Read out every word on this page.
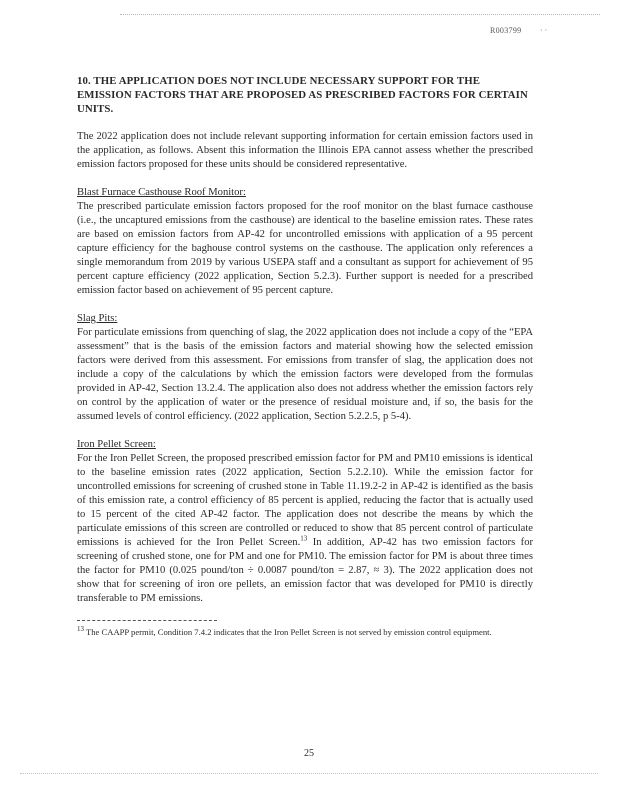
R003799 · ·
10. THE APPLICATION DOES NOT INCLUDE NECESSARY SUPPORT FOR THE EMISSION FACTORS THAT ARE PROPOSED AS PRESCRIBED FACTORS FOR CERTAIN UNITS.

The 2022 application does not include relevant supporting information for certain emission factors used in the application, as follows. Absent this information the Illinois EPA cannot assess whether the prescribed emission factors proposed for these units should be considered representative.

Blast Furnace Casthouse Roof Monitor:
The prescribed particulate emission factors proposed for the roof monitor on the blast furnace casthouse (i.e., the uncaptured emissions from the casthouse) are identical to the baseline emission rates. These rates are based on emission factors from AP-42 for uncontrolled emissions with application of a 95 percent capture efficiency for the baghouse control systems on the casthouse. The application only references a single memorandum from 2019 by various USEPA staff and a consultant as support for achievement of 95 percent capture efficiency (2022 application, Section 5.2.3). Further support is needed for a prescribed emission factor based on achievement of 95 percent capture.

Slag Pits:
For particulate emissions from quenching of slag, the 2022 application does not include a copy of the “EPA assessment” that is the basis of the emission factors and material showing how the selected emission factors were derived from this assessment. For emissions from transfer of slag, the application does not include a copy of the calculations by which the emission factors were developed from the formulas provided in AP-42, Section 13.2.4. The application also does not address whether the emission factors rely on control by the application of water or the presence of residual moisture and, if so, the basis for the assumed levels of control efficiency. (2022 application, Section 5.2.2.5, p 5-4).

Iron Pellet Screen:
For the Iron Pellet Screen, the proposed prescribed emission factor for PM and PM10 emissions is identical to the baseline emission rates (2022 application, Section 5.2.2.10). While the emission factor for uncontrolled emissions for screening of crushed stone in Table 11.19.2-2 in AP-42 is identified as the basis of this emission rate, a control efficiency of 85 percent is applied, reducing the factor that is actually used to 15 percent of the cited AP-42 factor. The application does not describe the means by which the particulate emissions of this screen are controlled or reduced to show that 85 percent control of particulate emissions is achieved for the Iron Pellet Screen.$^{13}$ In addition, AP-42 has two emission factors for screening of crushed stone, one for PM and one for PM10. The emission factor for PM is about three times the factor for PM10 (0.025 pound/ton ÷ 0.0087 pound/ton = 2.87, ≈ 3). The 2022 application does not show that for screening of iron ore pellets, an emission factor that was developed for PM10 is directly transferable to PM emissions.

$^{13}$ The CAAPP permit, Condition 7.4.2 indicates that the Iron Pellet Screen is not served by emission control equipment.

25
